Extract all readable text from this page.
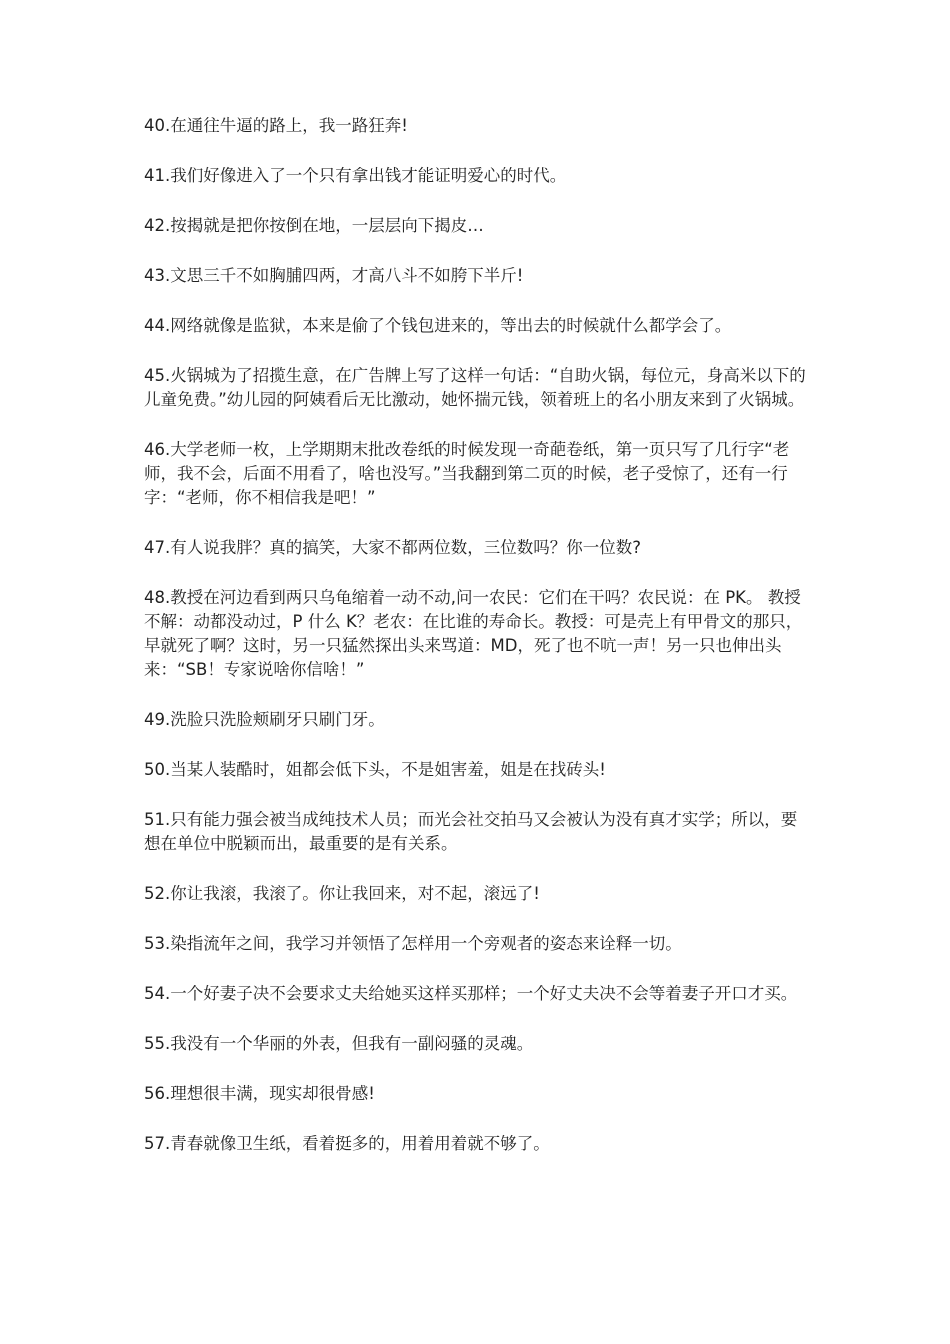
40.在通往牛逼的路上，我一路狂奔!

41.我们好像进入了一个只有拿出钱才能证明爱心的时代。

42.按揭就是把你按倒在地，一层层向下揭皮…

43.文思三千不如胸脯四两，才高八斗不如胯下半斤!

44.网络就像是监狱，本来是偷了个钱包进来的，等出去的时候就什么都学会了。

45.火锅城为了招揽生意，在广告牌上写了这样一句话：“自助火锅，每位元，身高米以下的儿童免费。”幼儿园的阿姨看后无比激动，她怀揣元钱，领着班上的名小朋友来到了火锅城。

46.大学老师一枚，上学期期末批改卷纸的时候发现一奇葩卷纸，第一页只写了几行字“老师，我不会，后面不用看了，啥也没写。”当我翻到第二页的时候，老子受惊了，还有一行字：“老师，你不相信我是吧！”

47.有人说我胖？真的搞笑，大家不都两位数，三位数吗？你一位数?

48.教授在河边看到两只乌龟缩着一动不动,问一农民：它们在干吗？农民说：在 PK。 教授不解：动都没动过，P 什么 K？老农：在比谁的寿命长。教授：可是壳上有甲骨文的那只，早就死了啊？这时，另一只猛然探出头来骂道：MD，死了也不吭一声！另一只也伸出头来：“SB！专家说啥你信啥！”

49.洗脸只洗脸颊刷牙只刷门牙。

50.当某人装酷时，姐都会低下头，不是姐害羞，姐是在找砖头!

51.只有能力强会被当成纯技术人员；而光会社交拍马又会被认为没有真才实学；所以，要想在单位中脱颖而出，最重要的是有关系。

52.你让我滚，我滚了。你让我回来，对不起，滚远了!

53.染指流年之间，我学习并领悟了怎样用一个旁观者的姿态来诠释一切。

54.一个好妻子决不会要求丈夫给她买这样买那样；一个好丈夫决不会等着妻子开口才买。

55.我没有一个华丽的外表，但我有一副闷骚的灵魂。

56.理想很丰满，现实却很骨感!

57.青春就像卫生纸，看着挺多的，用着用着就不够了。
